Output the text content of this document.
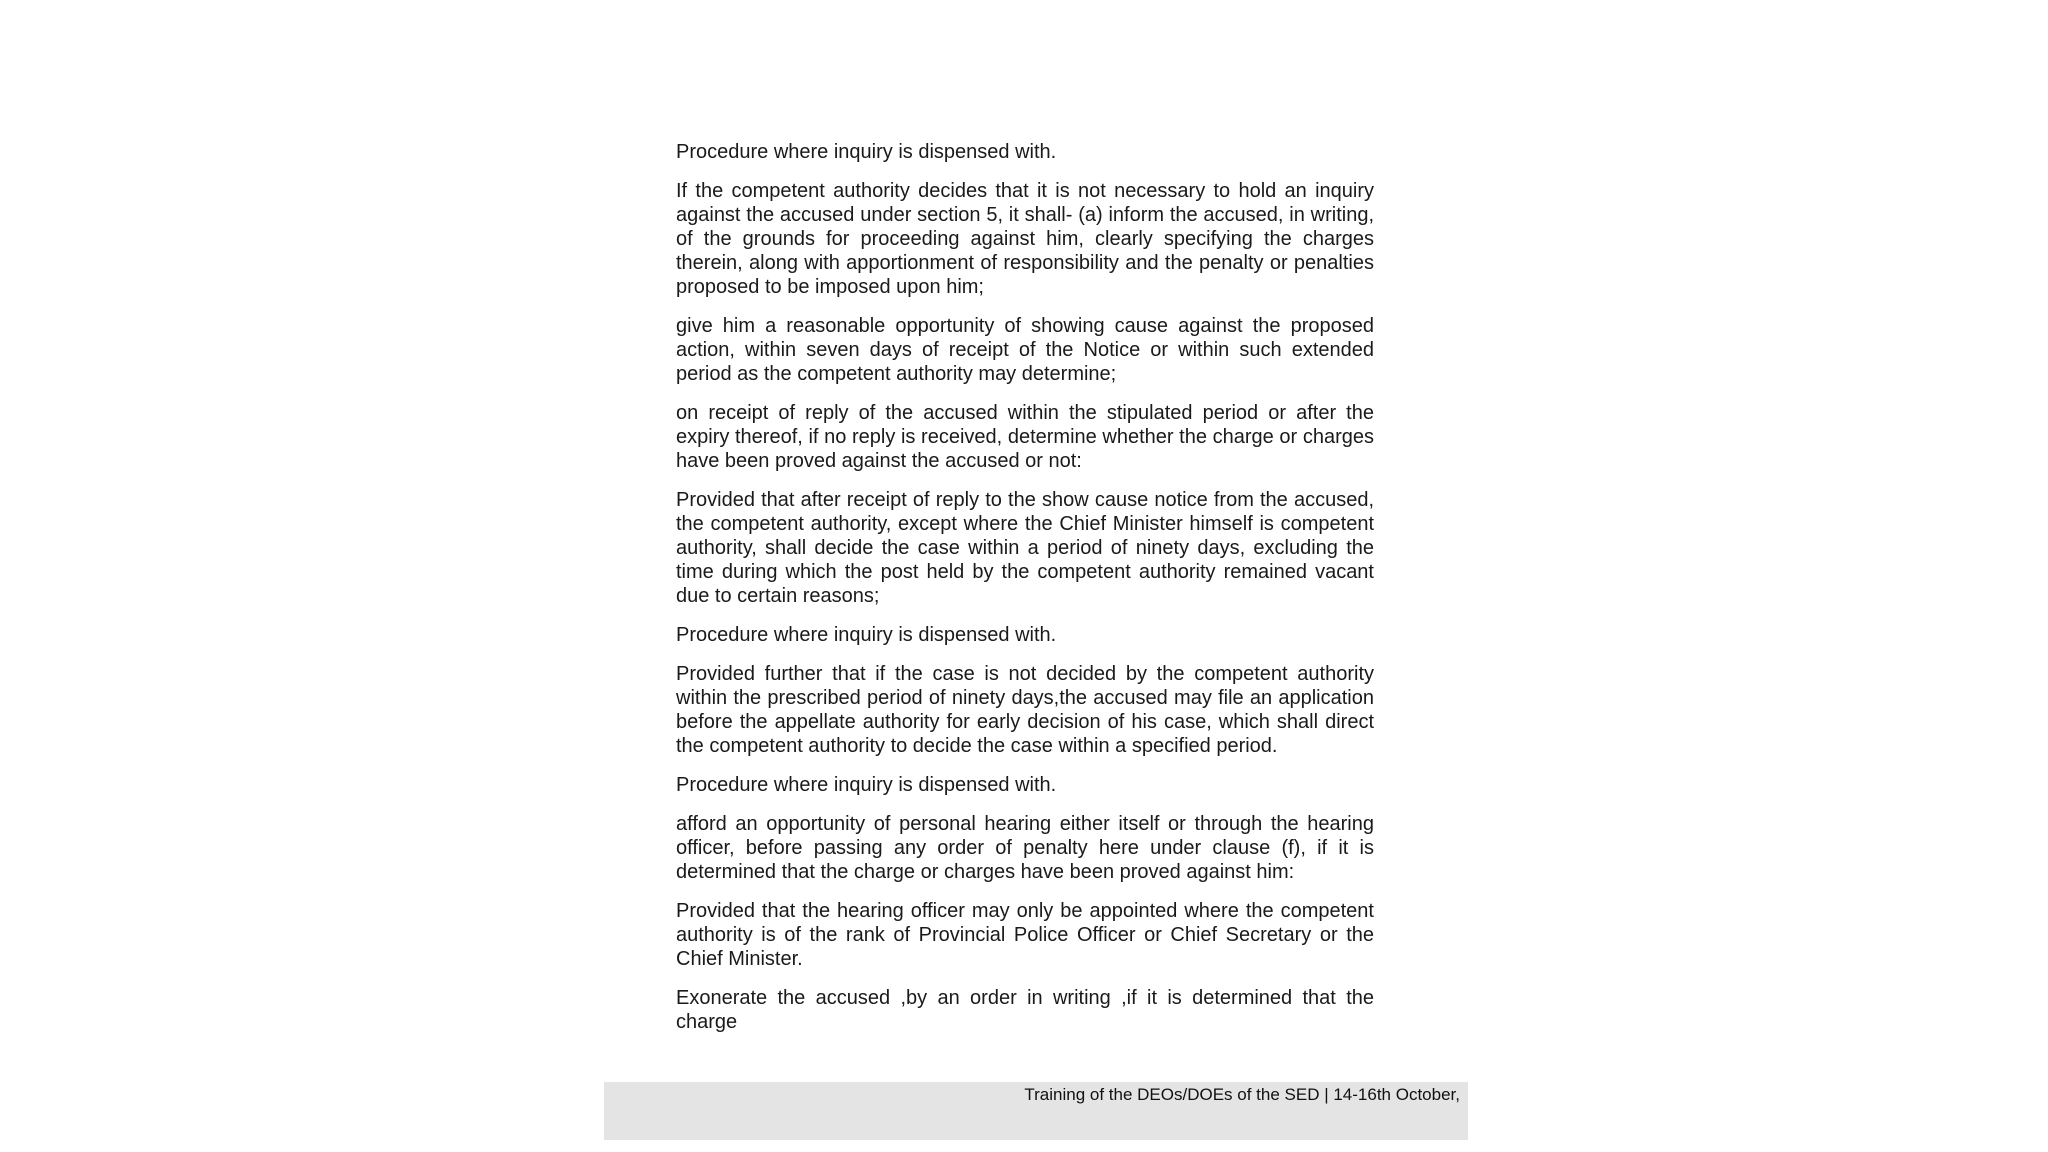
Procedure where inquiry is dispensed with.

If the competent authority decides that it is not necessary to hold an inquiry against the accused under section 5, it shall- (a) inform the accused, in writing, of the grounds for proceeding against him, clearly specifying the charges therein, along with apportionment of responsibility and the penalty or penalties proposed to be imposed upon him;

give him a reasonable opportunity of showing cause against the proposed action, within seven days of receipt of the Notice or within such extended period as the competent authority may determine;

on receipt of reply of the accused within the stipulated period or after the expiry thereof, if no reply is received, determine whether the charge or charges have been proved against the accused or not:

Provided that after receipt of reply to the show cause notice from the accused, the competent authority, except where the Chief Minister himself is competent authority, shall decide the case within a period of ninety days, excluding the time during which the post held by the competent authority remained vacant due to certain reasons;

Procedure where inquiry is dispensed with.

Provided further that if the case is not decided by the competent authority within the prescribed period of ninety days,the accused may file an application before the appellate authority for early decision of his case, which shall direct the competent authority to decide the case within a specified period.

Procedure where inquiry is dispensed with.

afford an opportunity of personal hearing either itself or through the hearing officer, before passing any order of penalty here under clause (f), if it is determined that the charge or charges have been proved against him:

Provided that the hearing officer may only be appointed where the competent authority is of the rank of Provincial Police Officer or Chief Secretary or the Chief Minister.

Exonerate the accused ,by an order in writing ,if it is determined that the charge

Training of the DEOs/DOEs of the SED | 14-16th October,
